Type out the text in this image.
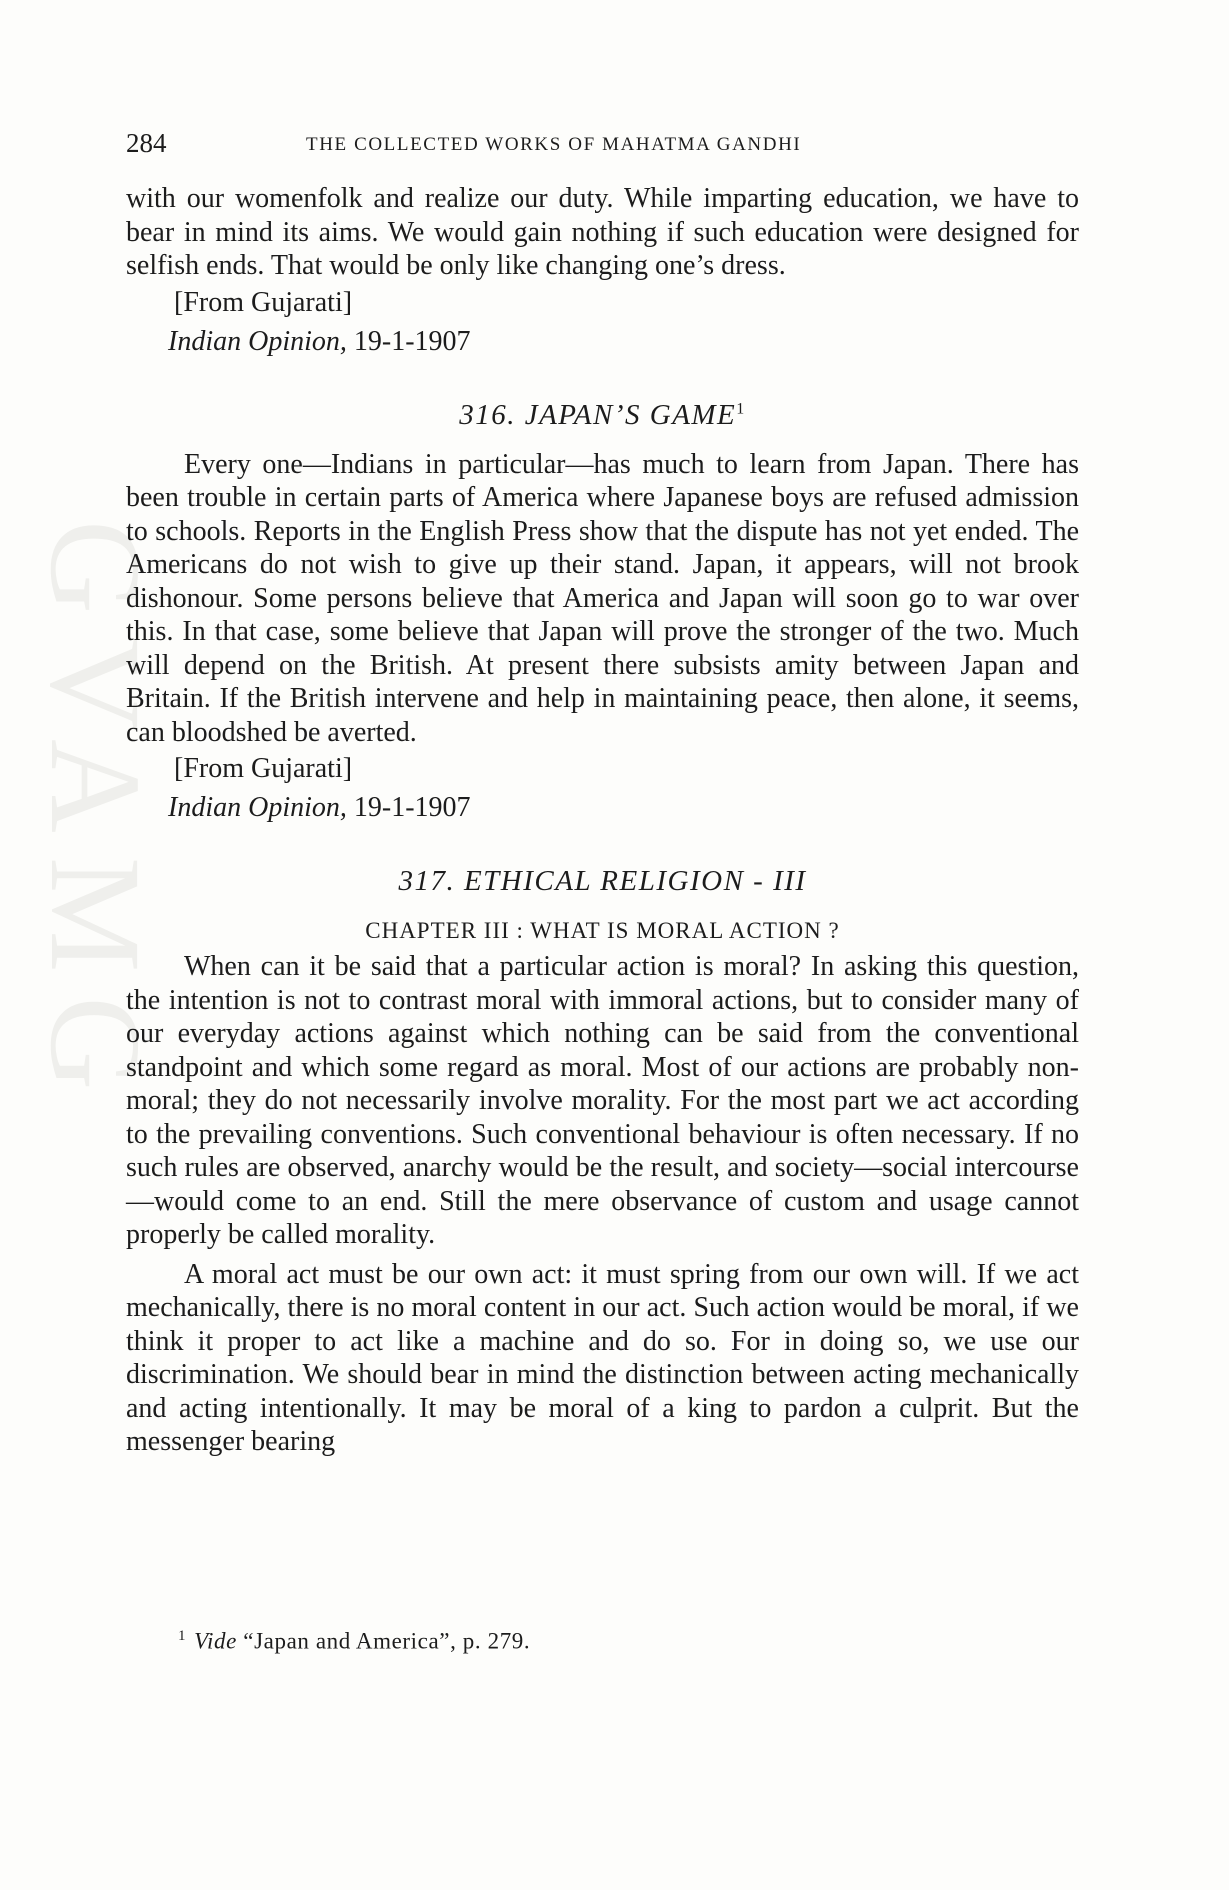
GVAMG
284	THE COLLECTED WORKS OF MAHATMA GANDHI

with our womenfolk and realize our duty. While imparting education, we have to bear in mind its aims. We would gain nothing if such education were designed for selfish ends. That would be only like changing one’s dress.

[From Gujarati]
Indian Opinion, 19-1-1907
316. JAPAN’S GAME$^1$

Every one—Indians in particular—has much to learn from Japan. There has been trouble in certain parts of America where Japanese boys are refused admission to schools. Reports in the English Press show that the dispute has not yet ended. The Americans do not wish to give up their stand. Japan, it appears, will not brook dishonour. Some persons believe that America and Japan will soon go to war over this. In that case, some believe that Japan will prove the stronger of the two. Much will depend on the British. At present there subsists amity between Japan and Britain. If the British intervene and help in maintaining peace, then alone, it seems, can bloodshed be averted.

[From Gujarati]
Indian Opinion, 19-1-1907
317. ETHICAL RELIGION - III
CHAPTER III : WHAT IS MORAL ACTION ?

When can it be said that a particular action is moral? In asking this question, the intention is not to contrast moral with immoral actions, but to consider many of our everyday actions against which nothing can be said from the conventional standpoint and which some regard as moral. Most of our actions are probably non-moral; they do not necessarily involve morality. For the most part we act according to the prevailing conventions. Such conventional behaviour is often necessary. If no such rules are observed, anarchy would be the result, and society—social intercourse—would come to an end. Still the mere observance of custom and usage cannot properly be called morality.

A moral act must be our own act: it must spring from our own will. If we act mechanically, there is no moral content in our act. Such action would be moral, if we think it proper to act like a machine and do so. For in doing so, we use our discrimination. We should bear in mind the distinction between acting mechanically and acting intentionally. It may be moral of a king to pardon a culprit. But the messenger bearing

$^1$ Vide “Japan and America”, p. 279.
